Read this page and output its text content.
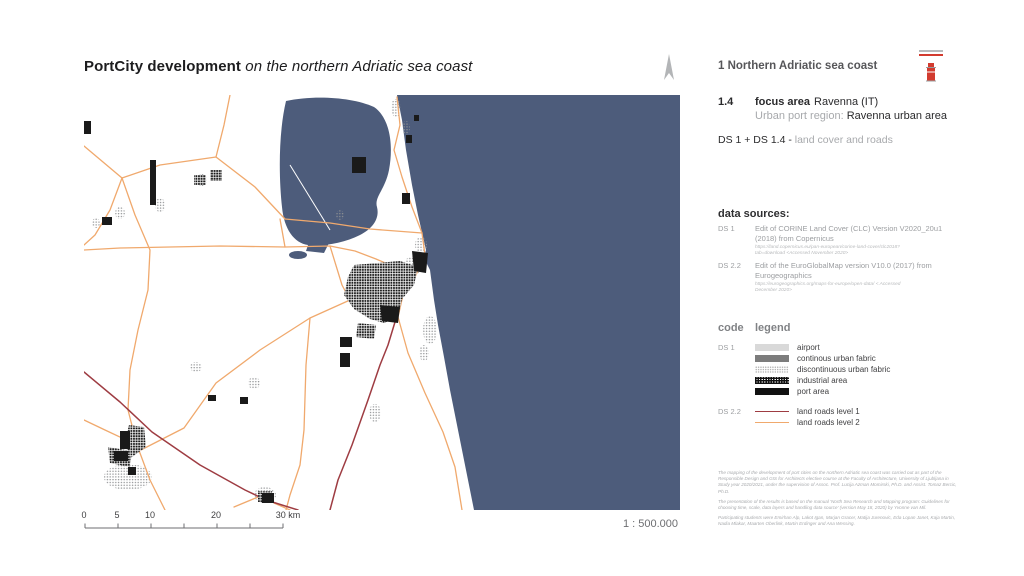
PortCity development on the northern Adriatic sea coast
0	5	10	20	30 km
1 : 500.000
1 Northern Adriatic sea coast
1.4	focus area Ravenna (IT)
Urban port region: Ravenna urban area
DS 1 + DS 1.4 - land cover and roads
data sources:
DS 1	Edit of CORINE Land Cover (CLC) Version V2020_20u1 (2018) from Copernicus
https://land.copernicus.eu/pan-european/corine-land-cover/clc2018?tab=download <Accessed November 2020>
DS 2.2	Edit of the EuroGlobalMap version V10.0 (2017) from Eurogeographics
https://eurogeographics.org/maps-for-europe/open-data/ < Accessed December 2020>
code	legend
DS 1	airport
continous urban fabric
discontinuous urban fabric
industrial area
port area
DS 2.2	land roads level 1
land roads level 2

The mapping of the development of port cities on the northern Adriatic sea coast was carried out as part of the Responsible Design and GIS for Architects elective course at the Faculty of Architecture, University of Ljubljana in Study year 2020/2021, under the supervision of Assoc. Prof. Lucija Azman Momirski, Ph.D. and Assist. Tomaz Bercic, Ph.D.

The presentation of the results is based on the manual 'North Sea Research and Mapping program: Guidelines for choosing time, scale, data layers and handling data source' (version May 18, 2020) by Yvonne van Mil.

Participating students were Emirhan Alp, Lakot Igan, Marjan Gracer, Matija Jurenovic, Eda Lopan Janet, Kaja Martin, Nadia Mlakar, Maarten Oberlink, Martin Erdinger and Ana Wessing.
